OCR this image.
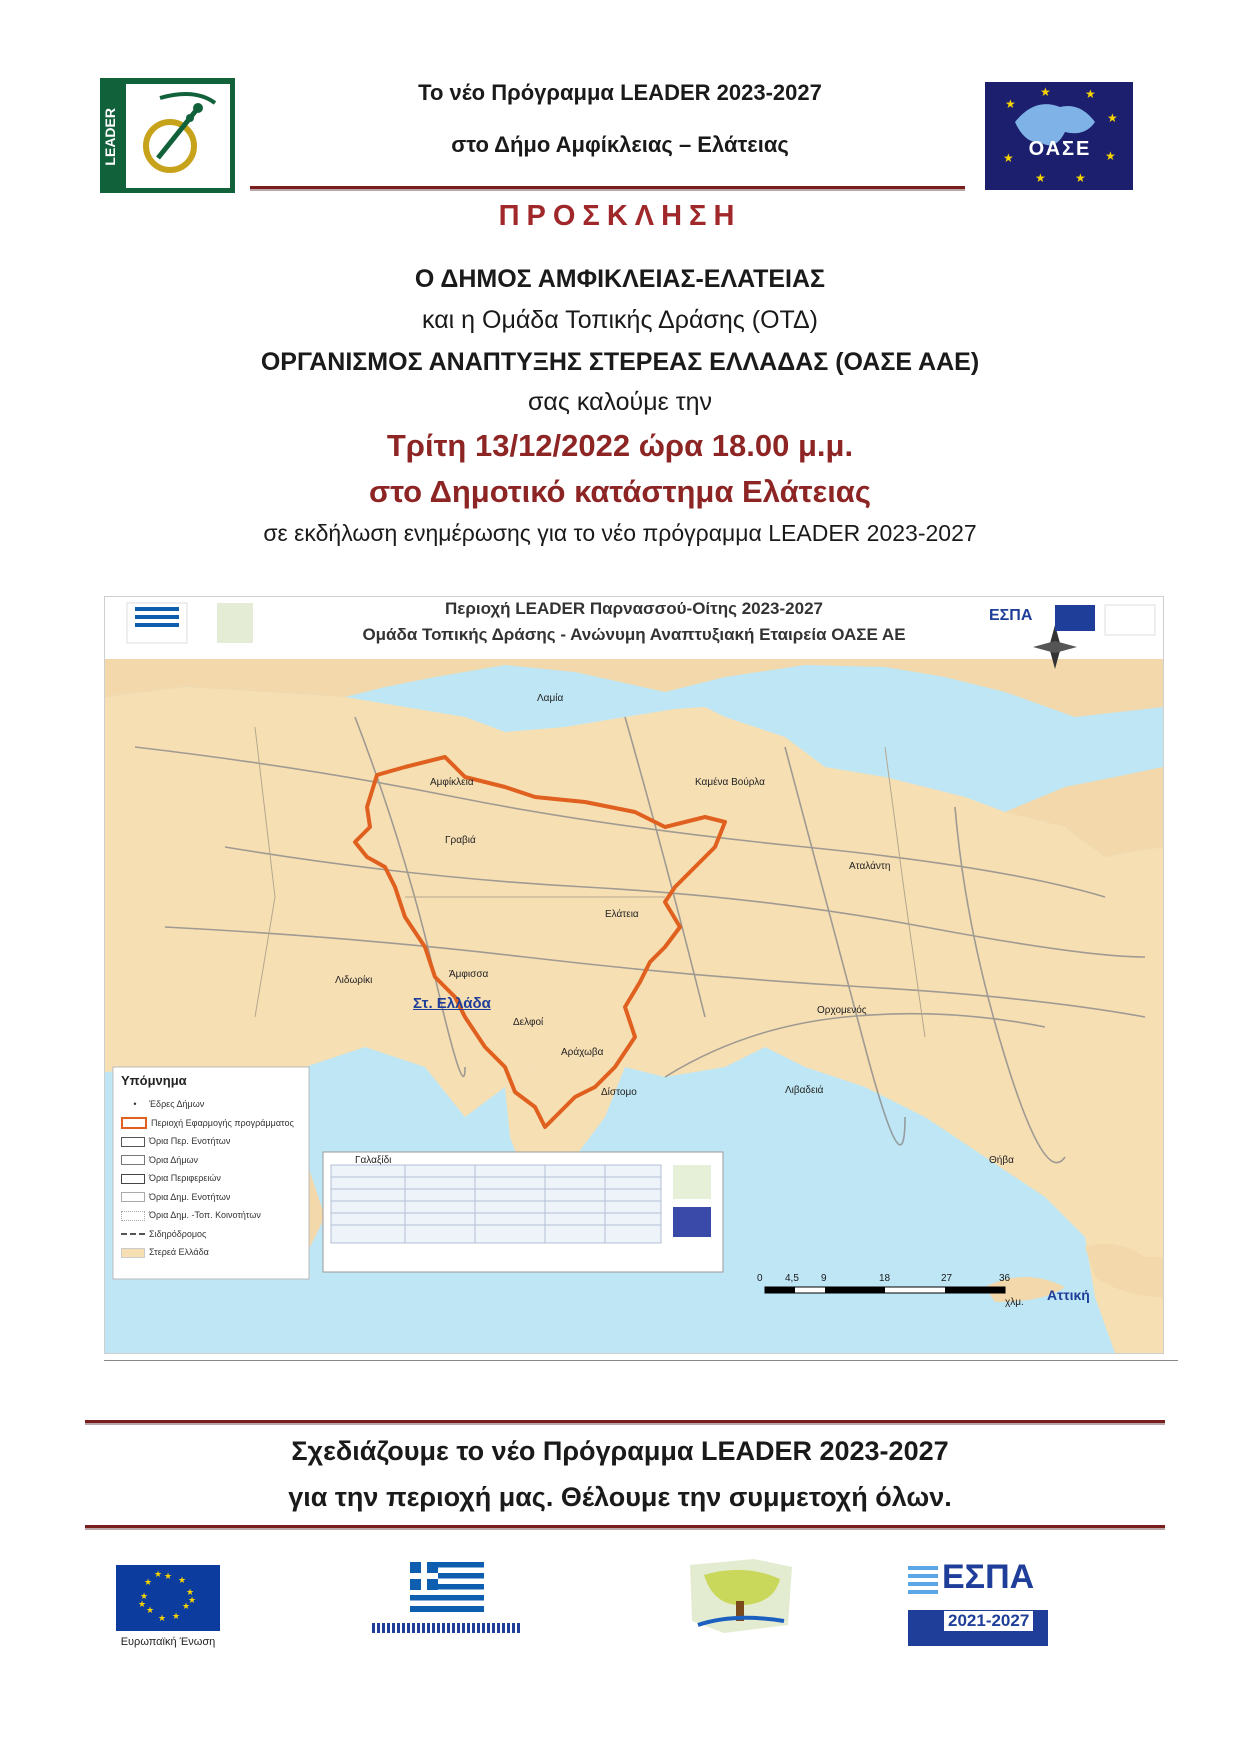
LEADER
Το νέο Πρόγραμμα LEADER 2023-2027
στο Δήμο Αμφίκλειας – Ελάτειας
★
★	★
★
★
★
★
★ ΟΑΣΕ
ΠΡΟΣΚΛΗΣΗ
Ο ΔΗΜΟΣ ΑΜΦΙΚΛΕΙΑΣ-ΕΛΑΤΕΙΑΣ
και η Ομάδα Τοπικής Δράσης (ΟΤΔ)
ΟΡΓΑΝΙΣΜΟΣ ΑΝΑΠΤΥΞΗΣ ΣΤΕΡΕΑΣ ΕΛΛΑΔΑΣ (ΟΑΣΕ ΑΑΕ)
σας καλούμε την
Τρίτη 13/12/2022 ώρα 18.00 μ.μ.
στο Δημοτικό κατάστημα Ελάτειας
σε εκδήλωση ενημέρωσης για το νέο πρόγραμμα LEADER 2023-2027
Περιοχή LEADER Παρνασσού-Οίτης 2023-2027
Ομάδα Τοπικής Δράσης - Ανώνυμη Αναπτυξιακή Εταιρεία ΟΑΣΕ ΑΕ
ΕΣΠΑ
Στ. Ελλάδα
Αττική
Λαμία
Καμένα Βούρλα
Αταλάντη
Λιβαδειά
Άμφισσα
Γραβιά
Αμφίκλεια
Ελάτεια
Δίστομο
Αράχωβα
Δελφοί
Ορχομενός
Θήβα
Γαλαξίδι
Λιδωρίκι
Υπόμνημα
• Έδρες Δήμων
Περιοχή Εφαρμογής προγράμματος
Όρια Περ. Ενοτήτων
Όρια Δήμων
Όρια Περιφερειών
Όρια Δημ. Ενοτήτων
Όρια Δημ. -Τοπ. Κοινοτήτων
Σιδηρόδρομος
Στερεά Ελλάδα
0 4,5 9	18	27	36
χλμ.
Σχεδιάζουμε το νέο Πρόγραμμα LEADER 2023-2027
για την περιοχή μας. Θέλουμε την συμμετοχή όλων.
★ ★
★
★
★
★
★
★
★
★
★
★
Ευρωπαϊκή Ένωση
ΕΣΠΑ
2021-2027
